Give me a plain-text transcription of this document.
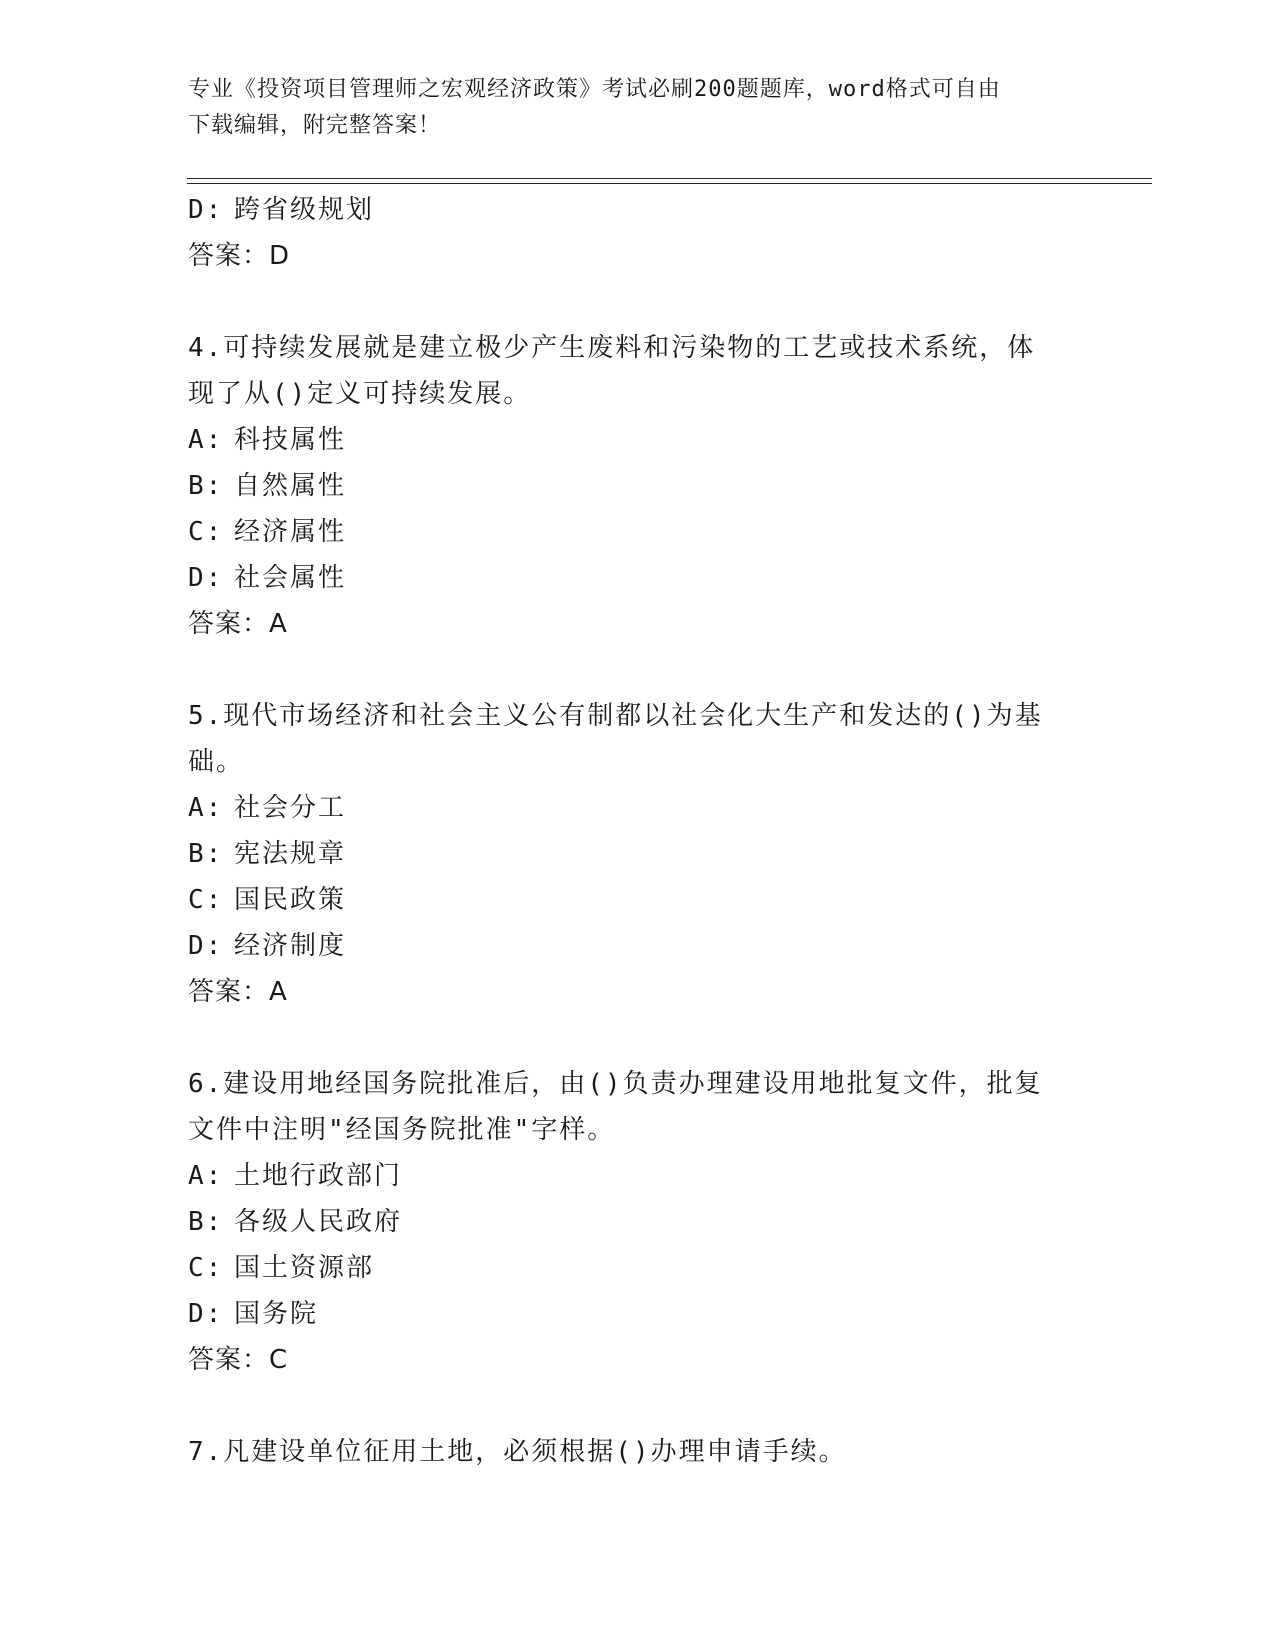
专业《投资项目管理师之宏观经济政策》考试必刷200题题库，word格式可自由
下载编辑，附完整答案！
D: 跨省级规划
答案：D
4.可持续发展就是建立极少产生废料和污染物的工艺或技术系统，体
现了从()定义可持续发展。
A: 科技属性
B: 自然属性
C: 经济属性
D: 社会属性
答案：A
5.现代市场经济和社会主义公有制都以社会化大生产和发达的()为基
础。
A: 社会分工
B: 宪法规章
C: 国民政策
D: 经济制度
答案：A
6.建设用地经国务院批准后，由()负责办理建设用地批复文件，批复
文件中注明"经国务院批准"字样。
A: 土地行政部门
B: 各级人民政府
C: 国土资源部
D: 国务院
答案：C
7.凡建设单位征用土地，必须根据()办理申请手续。
